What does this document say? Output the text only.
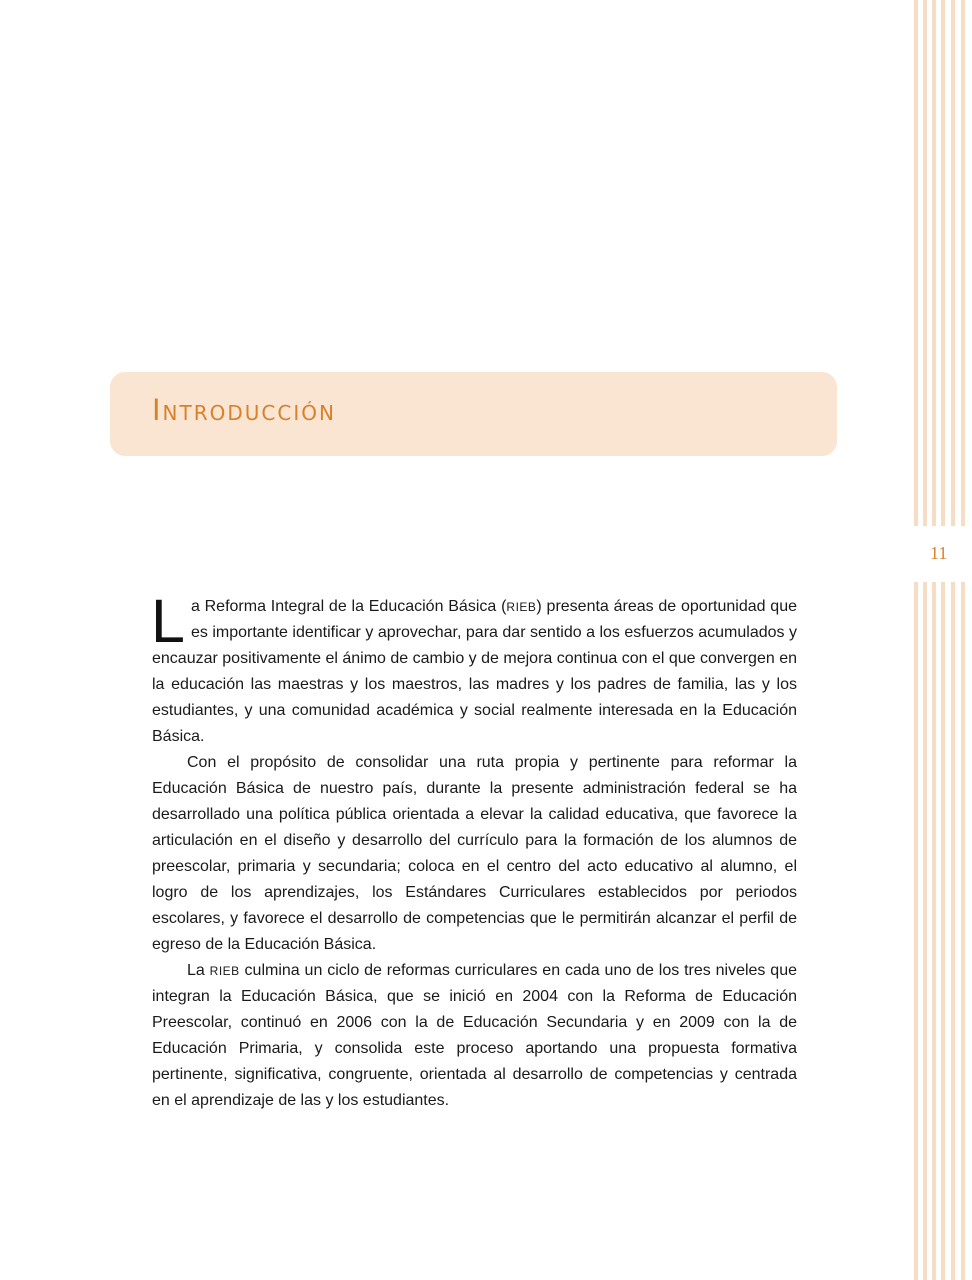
11
Introducción

La Reforma Integral de la Educación Básica (RIEB) presenta áreas de oportunidad que es importante identificar y aprovechar, para dar sentido a los esfuerzos acumulados y encauzar positivamente el ánimo de cambio y de mejora continua con el que convergen en la educación las maestras y los maestros, las madres y los padres de familia, las y los estudiantes, y una comunidad académica y social realmente interesada en la Educación Básica.

Con el propósito de consolidar una ruta propia y pertinente para reformar la Educación Básica de nuestro país, durante la presente administración federal se ha desarrollado una política pública orientada a elevar la calidad educativa, que favorece la articulación en el diseño y desarrollo del currículo para la formación de los alumnos de preescolar, primaria y secundaria; coloca en el centro del acto educativo al alumno, el logro de los aprendizajes, los Estándares Curriculares establecidos por periodos escolares, y favorece el desarrollo de competencias que le permitirán alcanzar el perfil de egreso de la Educación Básica.

La RIEB culmina un ciclo de reformas curriculares en cada uno de los tres niveles que integran la Educación Básica, que se inició en 2004 con la Reforma de Educación Preescolar, continuó en 2006 con la de Educación Secundaria y en 2009 con la de Educación Primaria, y consolida este proceso aportando una propuesta formativa pertinente, significativa, congruente, orientada al desarrollo de competencias y centrada en el aprendizaje de las y los estudiantes.
